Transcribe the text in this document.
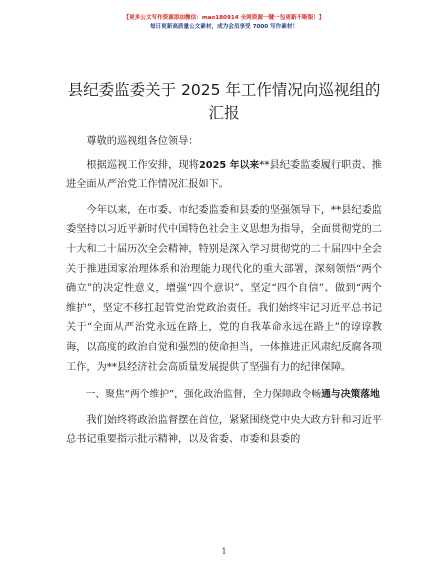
【更多公文写作资源添加微信：mao180914 全网资源一键一包更新不断版！】
每日更新高质量公文素材，成为会员享受 7000 写作素材！
县纪委监委关于 2025 年工作情况向巡视组的汇报

尊敬的巡视组各位领导：

根据巡视工作安排，现将2025 年以来**县纪委监委履行职责、推进全面从严治党工作情况汇报如下。

今年以来，在市委、市纪委监委和县委的坚强领导下，**县纪委监委坚持以习近平新时代中国特色社会主义思想为指导，全面贯彻党的二十大和二十届历次全会精神，特别是深入学习贯彻党的二十届四中全会关于推进国家治理体系和治理能力现代化的重大部署，深刻领悟“两个确立”的决定性意义，增强“四个意识”、坚定“四个自信”、做到“两个维护”，坚定不移扛起管党治党政治责任。我们始终牢记习近平总书记关于“全面从严治党永远在路上，党的自我革命永远在路上”的谆谆教诲，以高度的政治自觉和强烈的使命担当，一体推进正风肃纪反腐各项工作，为**县经济社会高质量发展提供了坚强有力的纪律保障。

一、聚焦“两个维护”，强化政治监督，全力保障政令畅通与决策落地

我们始终将政治监督摆在首位，紧紧围绕党中央大政方针和习近平总书记重要指示批示精神，以及省委、市委和县委的

1
